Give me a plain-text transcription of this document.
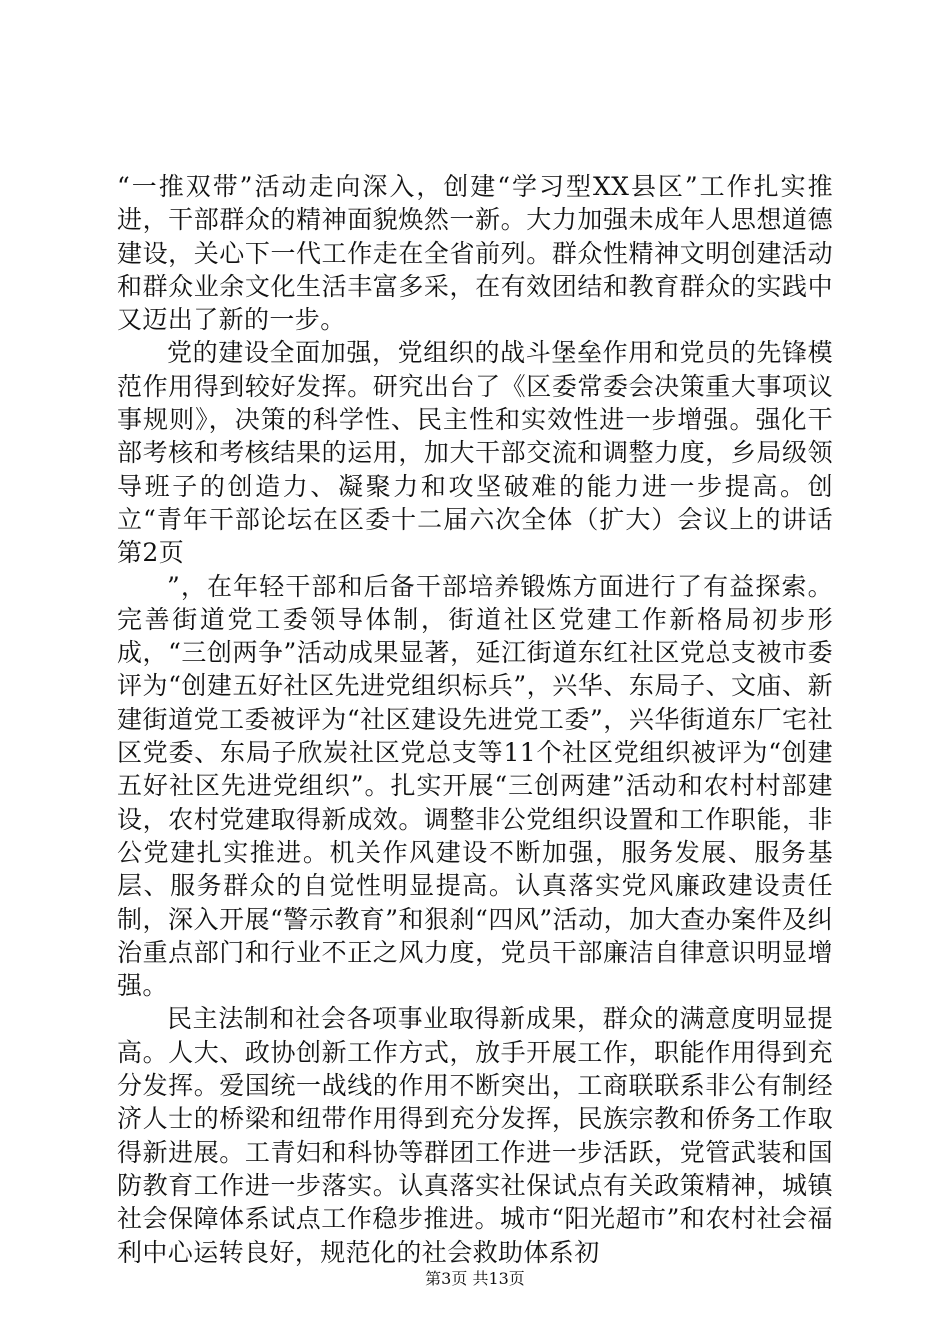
“一推双带”活动走向深入，创建“学习型XX县区”工作扎实推进，干部群众的精神面貌焕然一新。大力加强未成年人思想道德建设，关心下一代工作走在全省前列。群众性精神文明创建活动和群众业余文化生活丰富多采，在有效团结和教育群众的实践中又迈出了新的一步。

党的建设全面加强，党组织的战斗堡垒作用和党员的先锋模范作用得到较好发挥。研究出台了《区委常委会决策重大事项议事规则》，决策的科学性、民主性和实效性进一步增强。强化干部考核和考核结果的运用，加大干部交流和调整力度，乡局级领导班子的创造力、凝聚力和攻坚破难的能力进一步提高。创立“青年干部论坛在区委十二届六次全体（扩大）会议上的讲话第2页

”，在年轻干部和后备干部培养锻炼方面进行了有益探索。完善街道党工委领导体制，街道社区党建工作新格局初步形成，“三创两争”活动成果显著，延江街道东红社区党总支被市委评为“创建五好社区先进党组织标兵”，兴华、东局子、文庙、新建街道党工委被评为“社区建设先进党工委”，兴华街道东厂宅社区党委、东局子欣炭社区党总支等11个社区党组织被评为“创建五好社区先进党组织”。扎实开展“三创两建”活动和农村村部建设，农村党建取得新成效。调整非公党组织设置和工作职能，非公党建扎实推进。机关作风建设不断加强，服务发展、服务基层、服务群众的自觉性明显提高。认真落实党风廉政建设责任制，深入开展“警示教育”和狠刹“四风”活动，加大查办案件及纠治重点部门和行业不正之风力度，党员干部廉洁自律意识明显增强。

民主法制和社会各项事业取得新成果，群众的满意度明显提高。人大、政协创新工作方式，放手开展工作，职能作用得到充分发挥。爱国统一战线的作用不断突出，工商联联系非公有制经济人士的桥梁和纽带作用得到充分发挥，民族宗教和侨务工作取得新进展。工青妇和科协等群团工作进一步活跃，党管武装和国防教育工作进一步落实。认真落实社保试点有关政策精神，城镇社会保障体系试点工作稳步推进。城市“阳光超市”和农村社会福利中心运转良好，规范化的社会救助体系初

第3页 共13页
